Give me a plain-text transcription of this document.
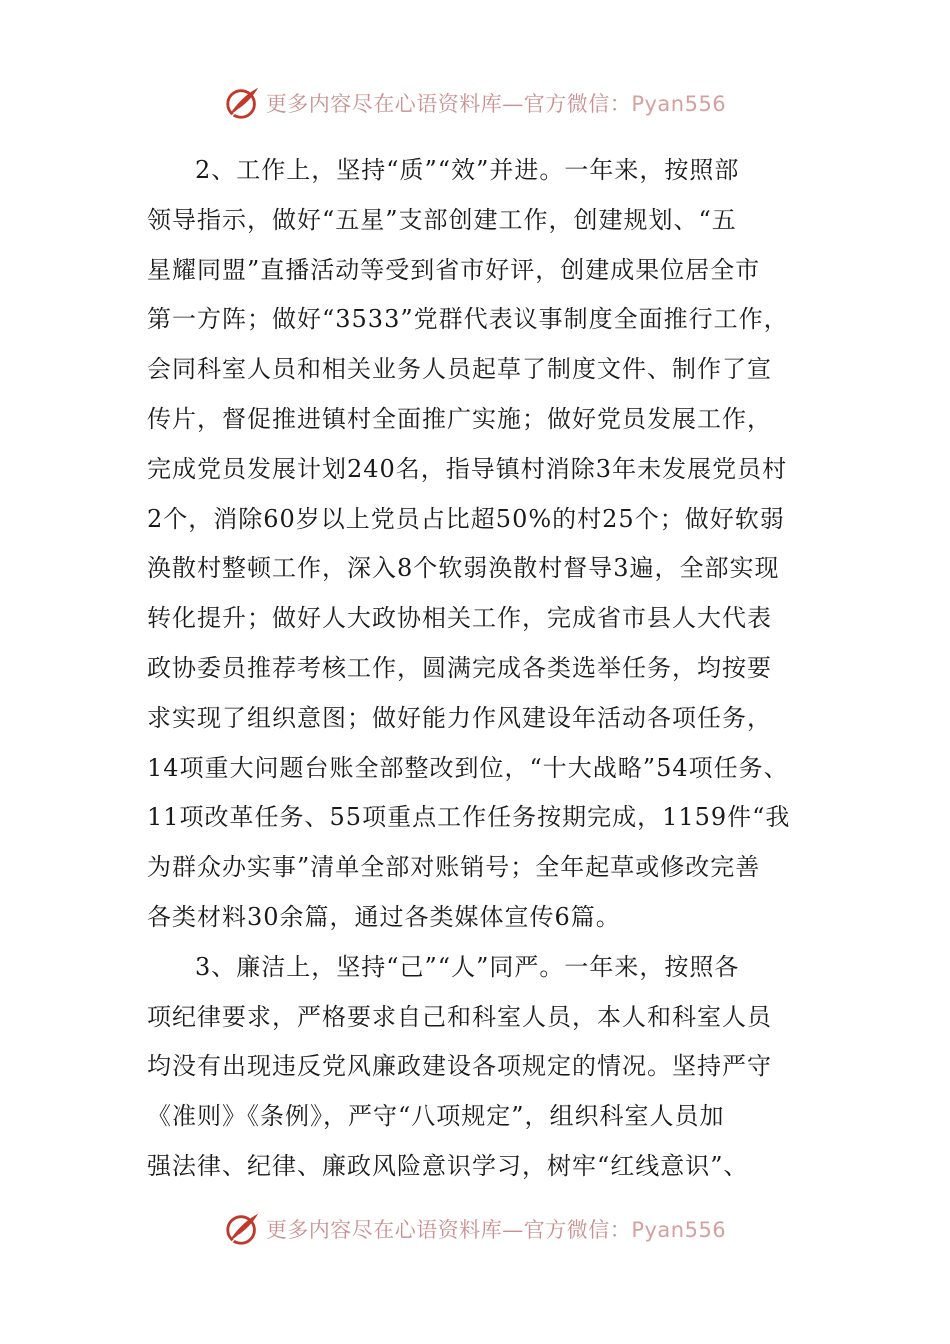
更多内容尽在心语资料库—官方微信：Pyan556

2、工作上，坚持“质”“效”并进。一年来，按照部
领导指示，做好“五星”支部创建工作，创建规划、“五
星耀同盟”直播活动等受到省市好评，创建成果位居全市
第一方阵；做好“3533”党群代表议事制度全面推行工作，
会同科室人员和相关业务人员起草了制度文件、制作了宣
传片，督促推进镇村全面推广实施；做好党员发展工作，
完成党员发展计划240名，指导镇村消除3年未发展党员村
2个，消除60岁以上党员占比超50%的村25个；做好软弱
涣散村整顿工作，深入8个软弱涣散村督导3遍，全部实现
转化提升；做好人大政协相关工作，完成省市县人大代表
政协委员推荐考核工作，圆满完成各类选举任务，均按要
求实现了组织意图；做好能力作风建设年活动各项任务，
14项重大问题台账全部整改到位，“十大战略”54项任务、
11项改革任务、55项重点工作任务按期完成，1159件“我
为群众办实事”清单全部对账销号；全年起草或修改完善
各类材料30余篇，通过各类媒体宣传6篇。

3、廉洁上，坚持“己”“人”同严。一年来，按照各
项纪律要求，严格要求自己和科室人员，本人和科室人员
均没有出现违反党风廉政建设各项规定的情况。坚持严守
《准则》《条例》，严守“八项规定”，组织科室人员加
强法律、纪律、廉政风险意识学习，树牢“红线意识”、

更多内容尽在心语资料库—官方微信：Pyan556
